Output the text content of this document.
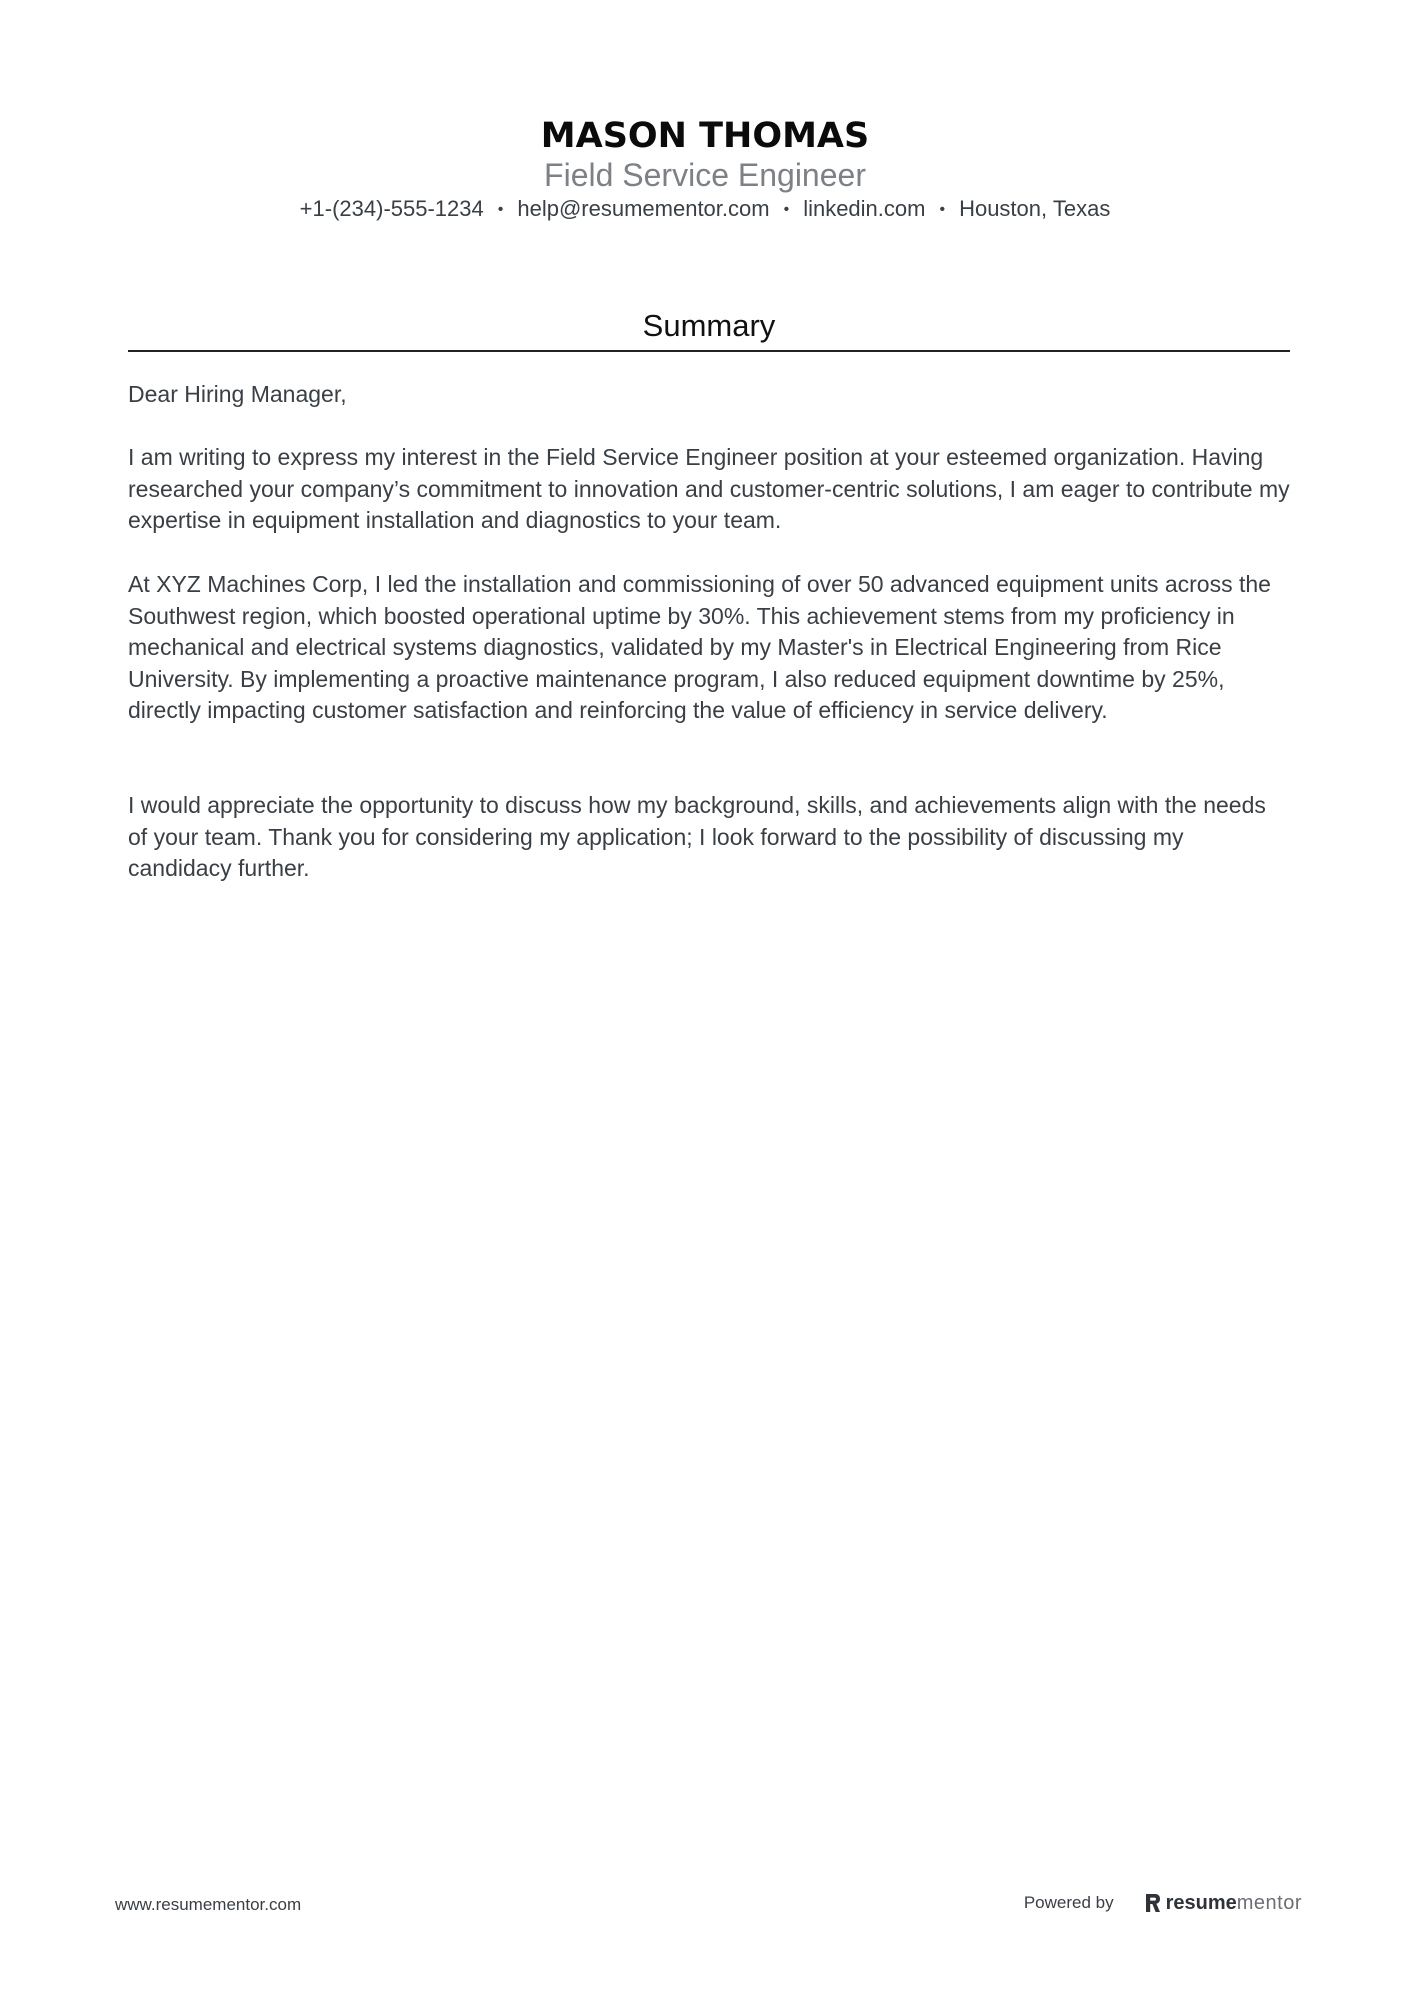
MASON THOMAS
Field Service Engineer
+1-(234)-555-1234 • help@resumementor.com • linkedin.com • Houston, Texas
Summary

Dear Hiring Manager,

I am writing to express my interest in the Field Service Engineer position at your esteemed organization. Having researched your company’s commitment to innovation and customer-centric solutions, I am eager to contribute my expertise in equipment installation and diagnostics to your team.

At XYZ Machines Corp, I led the installation and commissioning of over 50 advanced equipment units across the Southwest region, which boosted operational uptime by 30%. This achievement stems from my proficiency in mechanical and electrical systems diagnostics, validated by my Master's in Electrical Engineering from Rice University. By implementing a proactive maintenance program, I also reduced equipment downtime by 25%, directly impacting customer satisfaction and reinforcing the value of efficiency in service delivery.

I would appreciate the opportunity to discuss how my background, skills, and achievements align with the needs of your team. Thank you for considering my application; I look forward to the possibility of discussing my candidacy further.

www.resumementor.com	Powered by	resume mentor
